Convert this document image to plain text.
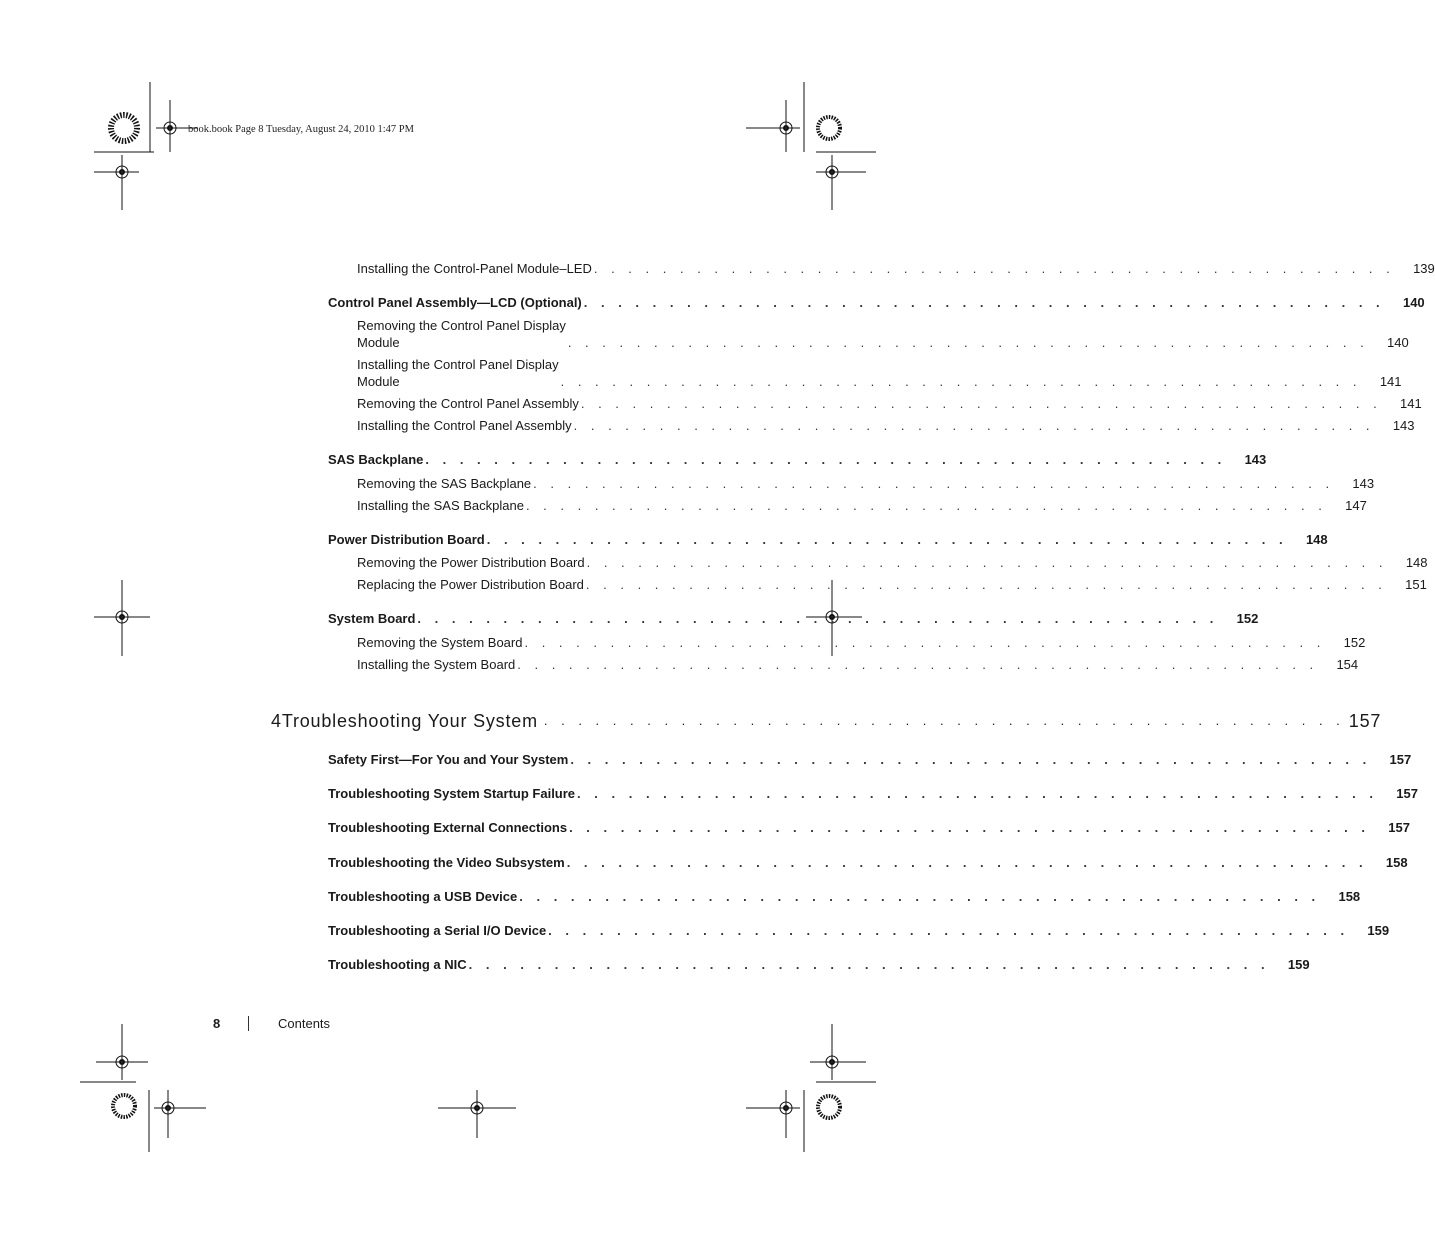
book.book Page 8 Tuesday, August 24, 2010 1:47 PM
Installing the Control-Panel Module–LED . . . . . . . . . . . . . . . . . . . . . . . . . . . . . . . . . . . . . . . . . . . . . . .	139
Control Panel Assembly—LCD (Optional) . . . . . . . . . . . . . . . . . . . . . . . . . . . . . . . . . . . . . . . . . . . . . . .	140
Removing the Control Panel Display
Module	. . . . . . . . . . . . . . . . . . . . . . . . . . . . . . . . . . . . . . . . . . . . . . .	140
Installing the Control Panel Display
Module	. . . . . . . . . . . . . . . . . . . . . . . . . . . . . . . . . . . . . . . . . . . . . . .	141
Removing the Control Panel Assembly . . . . . . . . . . . . . . . . . . . . . . . . . . . . . . . . . . . . . . . . . . . . . . .	141
Installing the Control Panel Assembly . . . . . . . . . . . . . . . . . . . . . . . . . . . . . . . . . . . . . . . . . . . . . . .	143
SAS Backplane . . . . . . . . . . . . . . . . . . . . . . . . . . . . . . . . . . . . . . . . . . . . . . .	143
Removing the SAS Backplane . . . . . . . . . . . . . . . . . . . . . . . . . . . . . . . . . . . . . . . . . . . . . . .	143
Installing the SAS Backplane . . . . . . . . . . . . . . . . . . . . . . . . . . . . . . . . . . . . . . . . . . . . . . .	147
Power Distribution Board . . . . . . . . . . . . . . . . . . . . . . . . . . . . . . . . . . . . . . . . . . . . . . .	148
Removing the Power Distribution Board . . . . . . . . . . . . . . . . . . . . . . . . . . . . . . . . . . . . . . . . . . . . . . .	148
Replacing the Power Distribution Board . . . . . . . . . . . . . . . . . . . . . . . . . . . . . . . . . . . . . . . . . . . . . . .	151
System Board . . . . . . . . . . . . . . . . . . . . . . . . . . . . . . . . . . . . . . . . . . . . . . .	152
Removing the System Board . . . . . . . . . . . . . . . . . . . . . . . . . . . . . . . . . . . . . . . . . . . . . . .	152
Installing the System Board . . . . . . . . . . . . . . . . . . . . . . . . . . . . . . . . . . . . . . . . . . . . . . .	154
4 Troubleshooting Your System . . . . . . . . . . . . . . . . . . . . . . . . . . . . . . . . . . . . . . . . . . . . . . . 157
Safety First—For You and Your System . . . . . . . . . . . . . . . . . . . . . . . . . . . . . . . . . . . . . . . . . . . . . . .	157
Troubleshooting System Startup Failure . . . . . . . . . . . . . . . . . . . . . . . . . . . . . . . . . . . . . . . . . . . . . . .	157
Troubleshooting External Connections . . . . . . . . . . . . . . . . . . . . . . . . . . . . . . . . . . . . . . . . . . . . . . .	157
Troubleshooting the Video Subsystem . . . . . . . . . . . . . . . . . . . . . . . . . . . . . . . . . . . . . . . . . . . . . . .	158
Troubleshooting a USB Device . . . . . . . . . . . . . . . . . . . . . . . . . . . . . . . . . . . . . . . . . . . . . . .	158
Troubleshooting a Serial I/O Device . . . . . . . . . . . . . . . . . . . . . . . . . . . . . . . . . . . . . . . . . . . . . . .	159
Troubleshooting a NIC . . . . . . . . . . . . . . . . . . . . . . . . . . . . . . . . . . . . . . . . . . . . . . .	159
8	Contents
